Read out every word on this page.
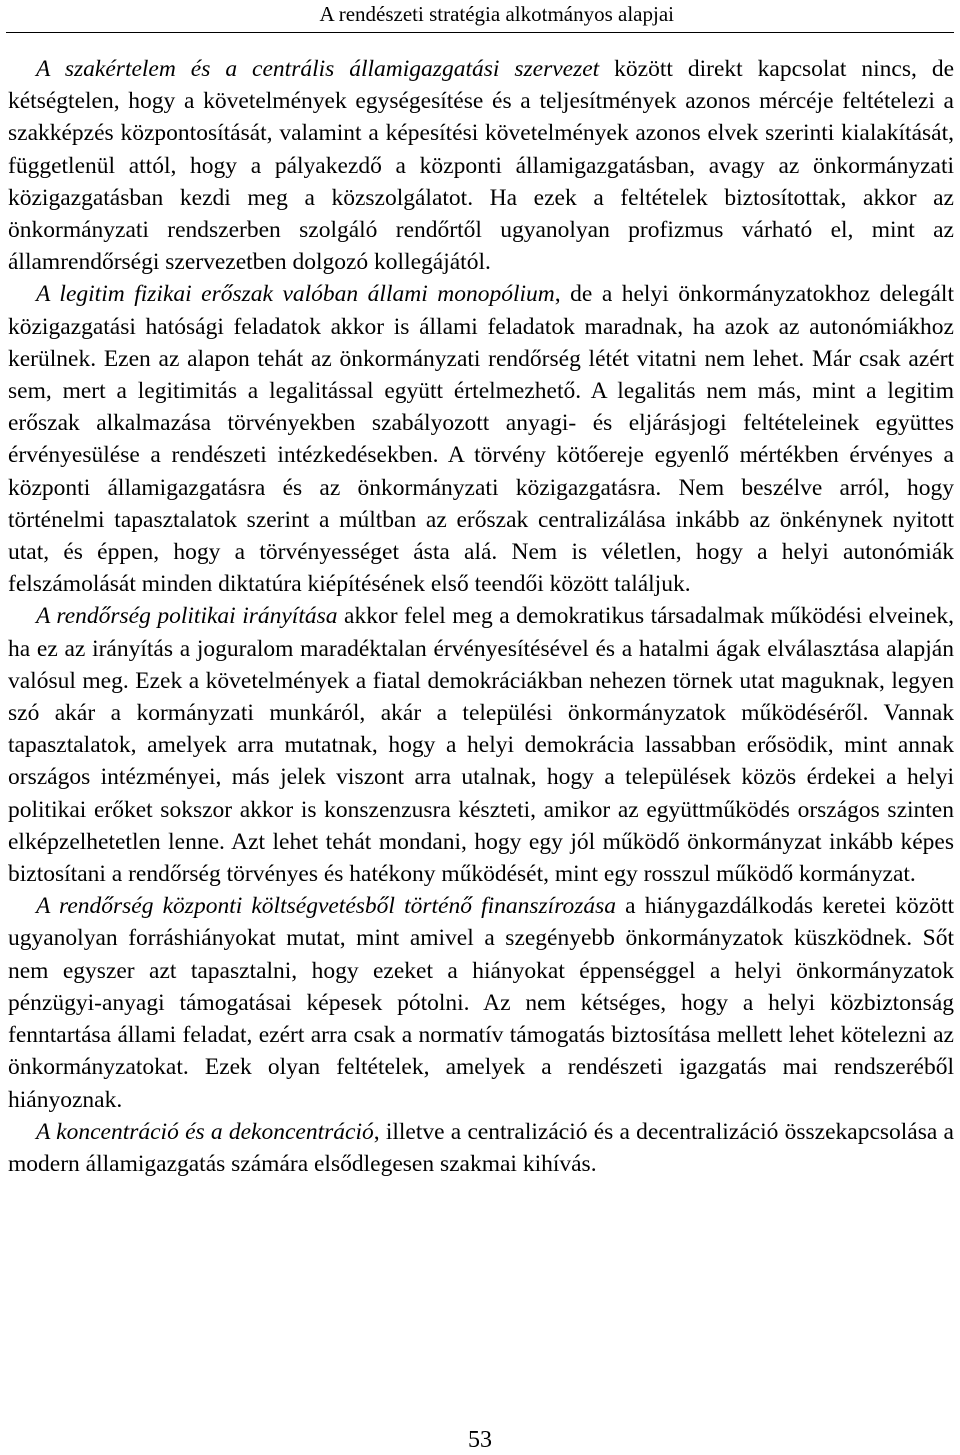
A rendészeti stratégia alkotmányos alapjai

A szakértelem és a centrális államigazgatási szervezet között direkt kapcsolat nincs, de kétségtelen, hogy a követelmények egységesítése és a teljesítmények azonos mércéje feltételezi a szakképzés központosítását, valamint a képesítési követelmények azonos elvek szerinti kialakítását, függetlenül attól, hogy a pályakezdő a központi államigazgatásban, avagy az önkormányzati közigazgatásban kezdi meg a közszolgálatot. Ha ezek a feltételek biztosítottak, akkor az önkormányzati rendszerben szolgáló rendőrtől ugyanolyan profizmus várható el, mint az államrendőrségi szervezetben dolgozó kollegájától.

A legitim fizikai erőszak valóban állami monopólium, de a helyi önkormányzatokhoz delegált közigazgatási hatósági feladatok akkor is állami feladatok maradnak, ha azok az autonómiákhoz kerülnek. Ezen az alapon tehát az önkormányzati rendőrség létét vitatni nem lehet. Már csak azért sem, mert a legitimitás a legalitással együtt értelmezhető. A legalitás nem más, mint a legitim erőszak alkalmazása törvényekben szabályozott anyagi- és eljárásjogi feltételeinek együttes érvényesülése a rendészeti intézkedésekben. A törvény kötőereje egyenlő mértékben érvényes a központi államigazgatásra és az önkormányzati közigazgatásra. Nem beszélve arról, hogy történelmi tapasztalatok szerint a múltban az erőszak centralizálása inkább az önkénynek nyitott utat, és éppen, hogy a törvényességet ásta alá. Nem is véletlen, hogy a helyi autonómiák felszámolását minden diktatúra kiépítésének első teendői között találjuk.

A rendőrség politikai irányítása akkor felel meg a demokratikus társadalmak működési elveinek, ha ez az irányítás a joguralom maradéktalan érvényesítésével és a hatalmi ágak elválasztása alapján valósul meg. Ezek a követelmények a fiatal demokráciákban nehezen törnek utat maguknak, legyen szó akár a kormányzati munkáról, akár a települési önkormányzatok működéséről. Vannak tapasztalatok, amelyek arra mutatnak, hogy a helyi demokrácia lassabban erősödik, mint annak országos intézményei, más jelek viszont arra utalnak, hogy a települések közös érdekei a helyi politikai erőket sokszor akkor is konszenzusra készteti, amikor az együttműködés országos szinten elképzelhetetlen lenne. Azt lehet tehát mondani, hogy egy jól működő önkormányzat inkább képes biztosítani a rendőrség törvényes és hatékony működését, mint egy rosszul működő kormányzat.

A rendőrség központi költségvetésből történő finanszírozása a hiánygazdálkodás keretei között ugyanolyan forráshiányokat mutat, mint amivel a szegényebb önkormányzatok küszködnek. Sőt nem egyszer azt tapasztalni, hogy ezeket a hiányokat éppenséggel a helyi önkormányzatok pénzügyi-anyagi támogatásai képesek pótolni. Az nem kétséges, hogy a helyi közbiztonság fenntartása állami feladat, ezért arra csak a normatív támogatás biztosítása mellett lehet kötelezni az önkormányzatokat. Ezek olyan feltételek, amelyek a rendészeti igazgatás mai rendszeréből hiányoznak.

A koncentráció és a dekoncentráció, illetve a centralizáció és a decentralizáció összekapcsolása a modern államigazgatás számára elsődlegesen szakmai kihívás.

53
